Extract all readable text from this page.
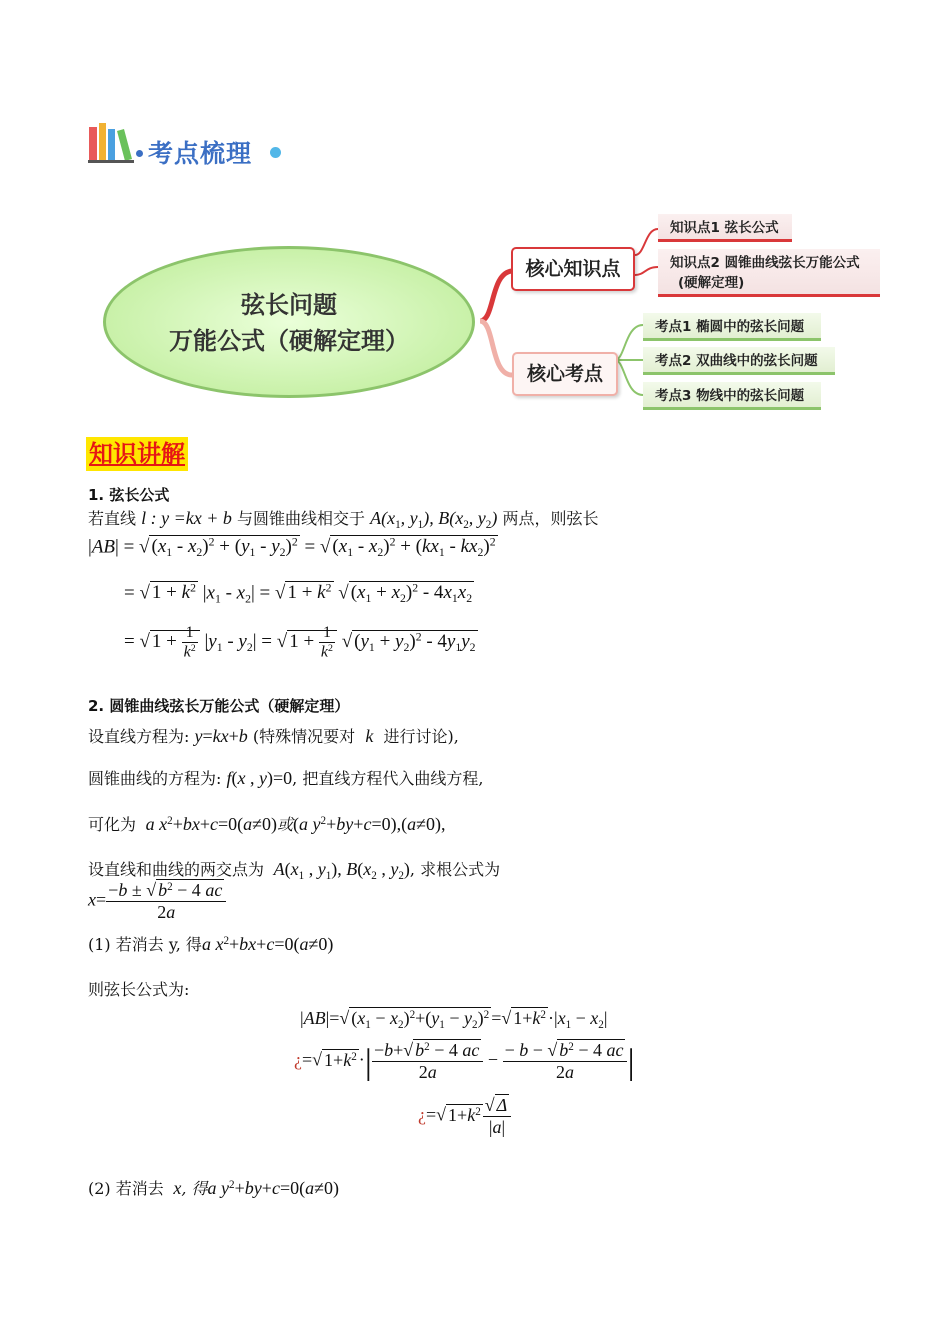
考点梳理
弦长问题
万能公式（硬解定理）
核心知识点
核心考点
知识点1 弦长公式
知识点2 圆锥曲线弦长万能公式
(硬解定理)
考点1 椭圆中的弦长问题
考点2 双曲线中的弦长问题
考点3 物线中的弦长问题
知识讲解
1. 弦长公式
若直线 l : y =kx + b 与圆锥曲线相交于 $A(x_1$, $y_1$), $B(x_2$, $y_2$) 两点，则弦长
|AB| = √ $(x_1 - x_2)^2 + (y_1 - y_2)^2$ = √ $(x_1 - x_2)^2 + (kx_1 - kx_2)^2$
= √ $1 + k^2$ $|x_1 - x_2|$ = √ $1 + k^2$ √ $(x_1 + x_2)^2 - 4x_1x_2$
= √ $1 + \frac{1}{k^2} |y_1 - y_2|$ = √ $1 + \frac{1}{k^2}$ √ $(y_1 + y_2)^2 - 4y_1y_2$
2. 圆锥曲线弦长万能公式（硬解定理）
设直线方程为: y=kx+b (特殊情况要对 k 进行讨论),
圆锥曲线的方程为: f(x , y)=0, 把直线方程代入曲线方程,
可化为 a $x^2+bx+c=0(a\ne 0)$或(a $y^2+by+c=0),(a\ne 0)$,
设直线和曲线的两交点为 $A(x_1$ , $y_1$), $B(x_2$ , $y_2$), 求根公式为
$x= \frac{-b \pm √ b^2 - 4 ac}{2a}$
(1) 若消去 y, 得a $x^2+bx+c=0(a\ne 0)$
则弦长公式为:
|AB|=√ $(x_1 - x_2)^2+(y_1 - y_2)^2$ =√ $1+k^2 \cdot|x_1 - x_2|$
¿=√ $1+k^2$ ·| $\frac{-b+√ b^2 - 4 ac}{2a} - \frac{- b - √ b^2 - 4 ac}{2a}$ |
¿=√ $1+k^2 \frac{√ \Delta}{|a|}$
(2) 若消去 x, 得a $y^2+by+c=0(a\ne 0)$
